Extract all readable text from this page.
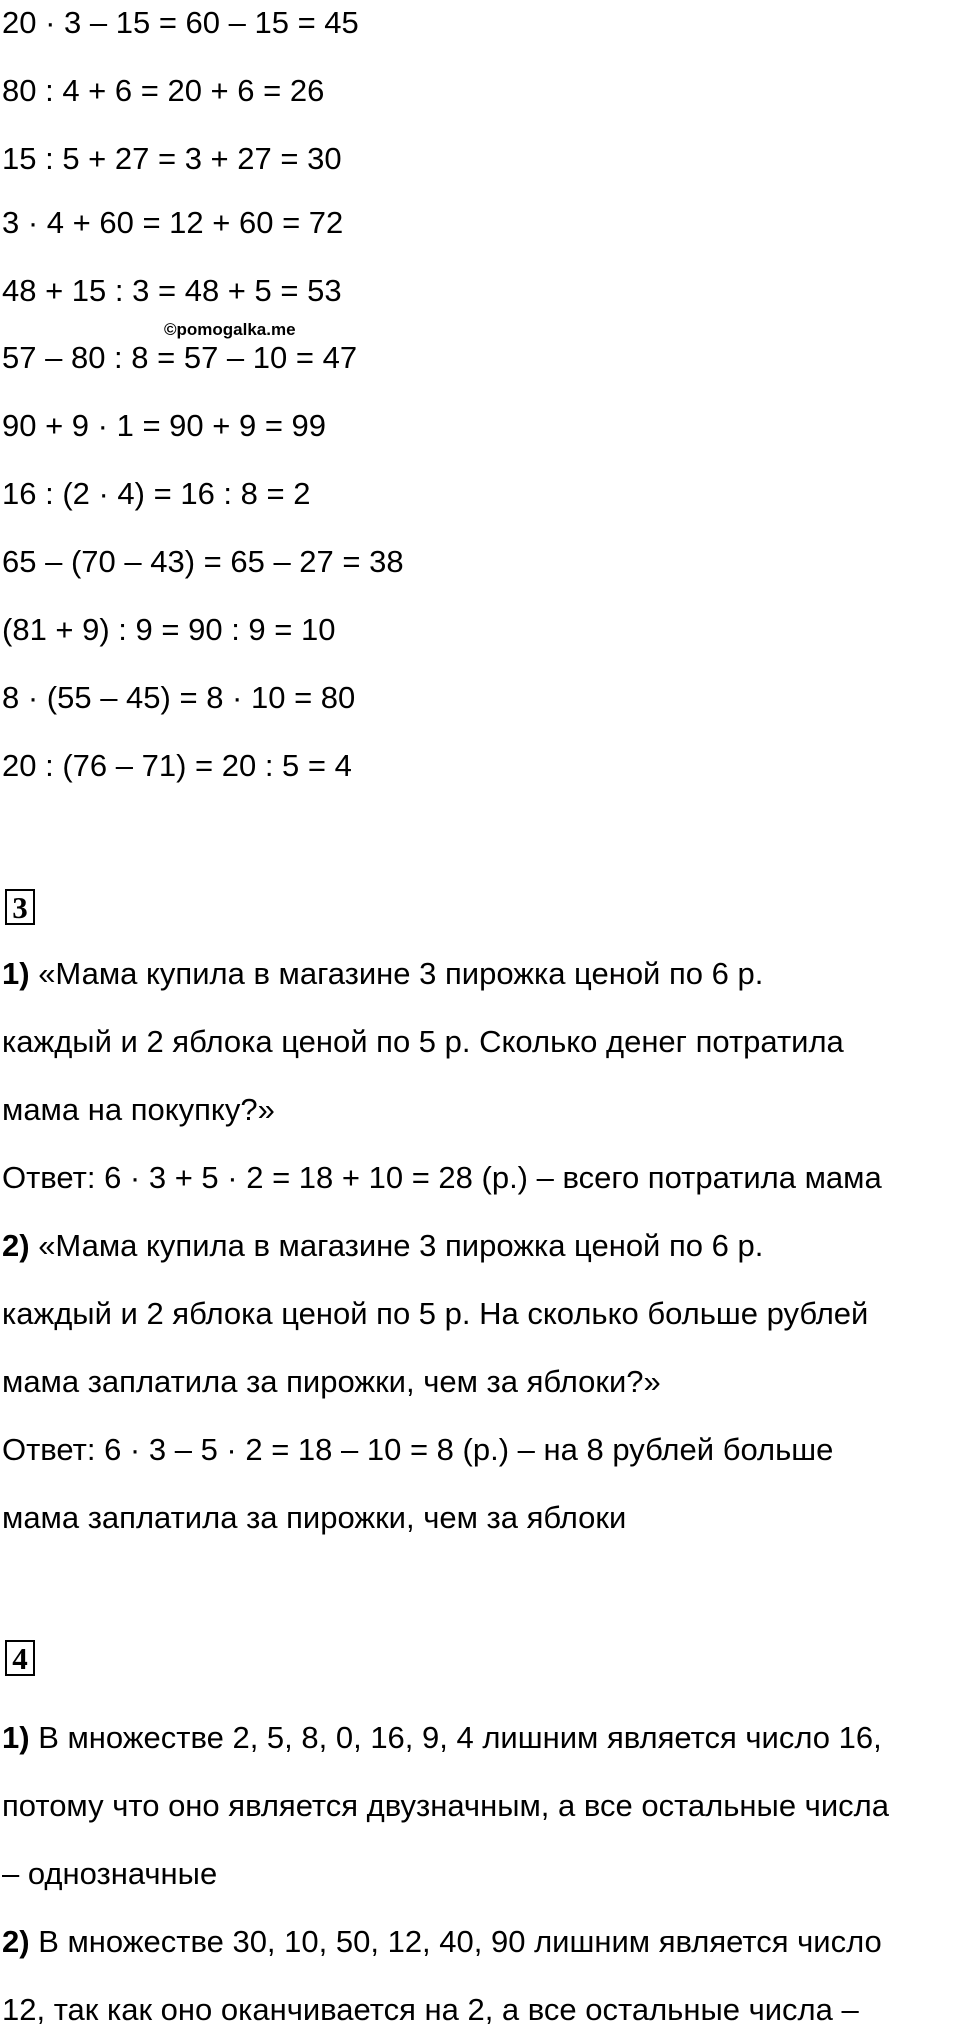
20 · 3 – 15 = 60 – 15 = 45
80 : 4 + 6 = 20 + 6 = 26
15 : 5 + 27 = 3 + 27 = 30
3 · 4 + 60 = 12 + 60 = 72
48 + 15 : 3 = 48 + 5 = 53
57 – 80 : 8 = 57 – 10 = 47
90 + 9 · 1 = 90 + 9 = 99
16 : (2 · 4) = 16 : 8 = 2
65 – (70 – 43) = 65 – 27 = 38
(81 + 9) : 9 = 90 : 9 = 10
8 · (55 – 45) = 8 · 10 = 80
20 : (76 – 71) = 20 : 5 = 4
©pomogalka.me
3
1) «Мама купила в магазине 3 пирожка ценой по 6 р.
каждый и 2 яблока ценой по 5 р. Сколько денег потратила
мама на покупку?»
Ответ: 6 · 3 + 5 · 2 = 18 + 10 = 28 (р.) – всего потратила мама
2) «Мама купила в магазине 3 пирожка ценой по 6 р.
каждый и 2 яблока ценой по 5 р. На сколько больше рублей
мама заплатила за пирожки, чем за яблоки?»
Ответ: 6 · 3 – 5 · 2 = 18 – 10 = 8 (р.) – на 8 рублей больше
мама заплатила за пирожки, чем за яблоки
4
1) В множестве 2, 5, 8, 0, 16, 9, 4 лишним является число 16,
потому что оно является двузначным, а все остальные числа
– однозначные
2) В множестве 30, 10, 50, 12, 40, 90 лишним является число
12, так как оно оканчивается на 2, а все остальные числа –
